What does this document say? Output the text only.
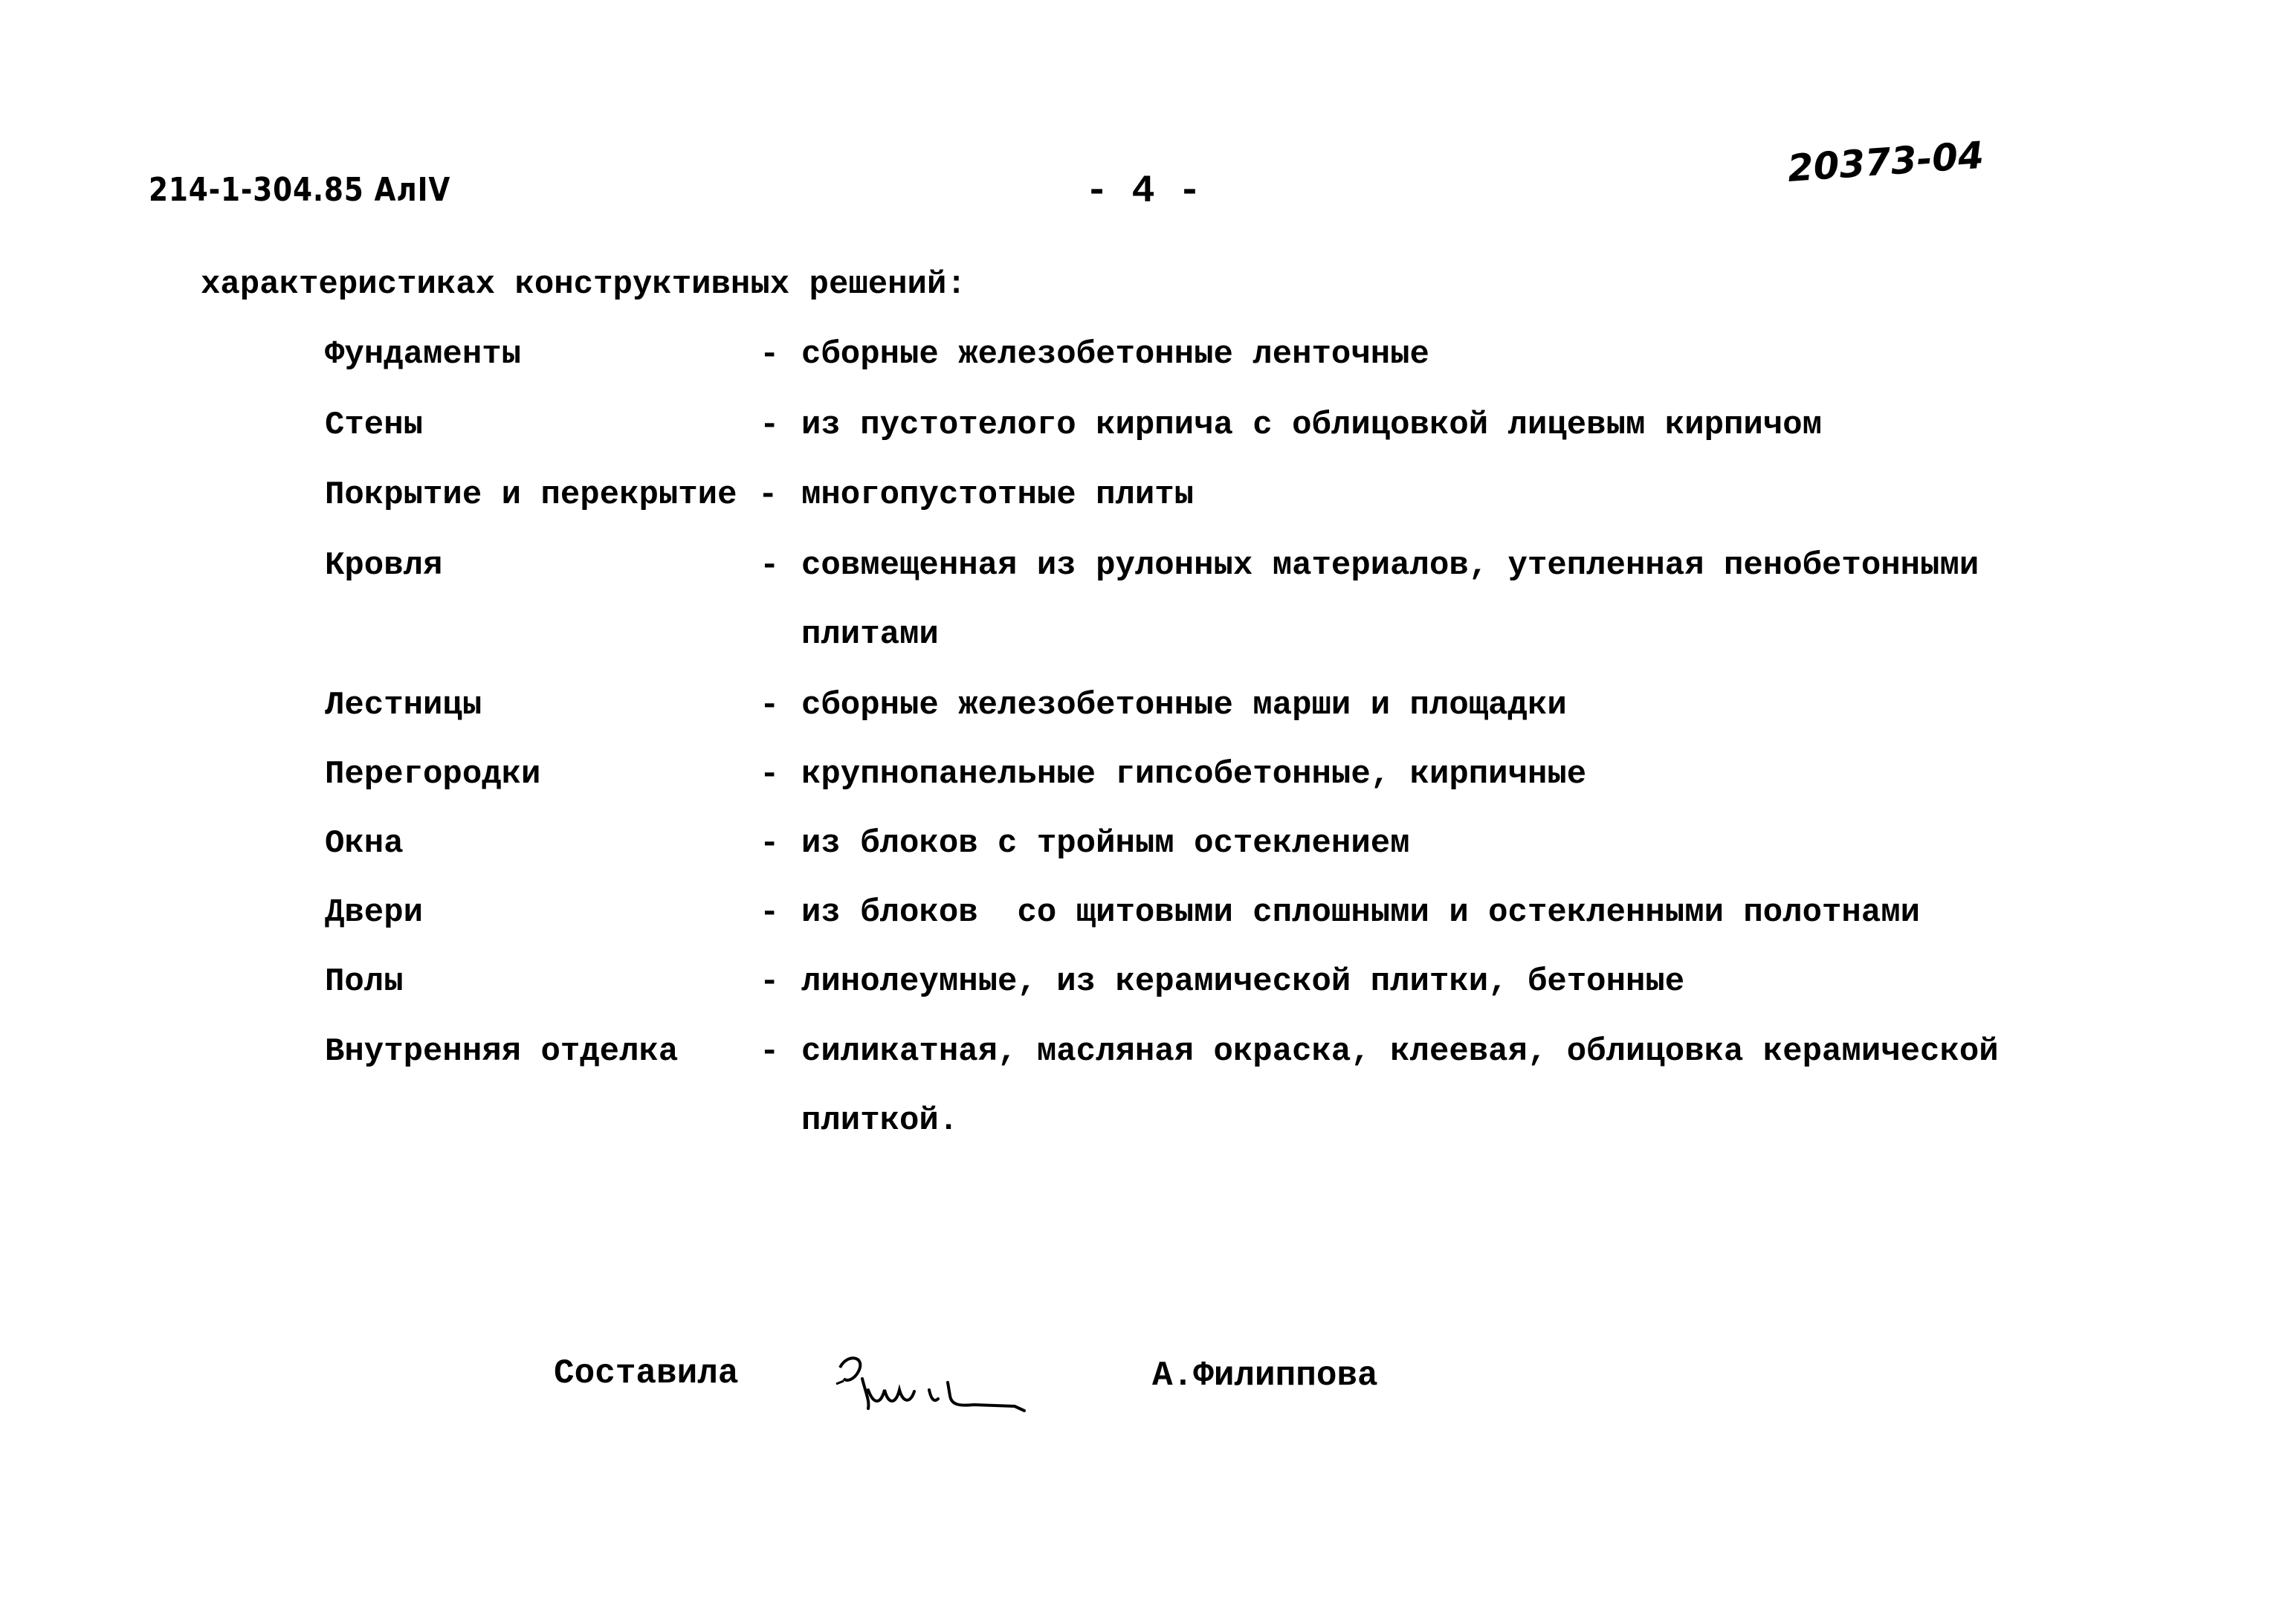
214-1-304.85 АлIV	- 4 -
20373-04
характеристиках конструктивных решений:
Фундаменты	- сборные железобетонные ленточные
Стены	- из пустотелого кирпича с облицовкой лицевым кирпичом
Покрытие и перекрытие - многопустотные плиты
Кровля	- совмещенная из рулонных материалов, утепленная пенобетонными
плитами
Лестницы	- сборные железобетонные марши и площадки
Перегородки	- крупнопанельные гипсобетонные, кирпичные
Окна	- из блоков с тройным остеклением
Двери	- из блоков  со щитовыми сплошными и остекленными полотнами
Полы	- линолеумные, из керамической плитки, бетонные
Внутренняя отделка - силикатная, масляная окраска, клеевая, облицовка керамической
плиткой.
Составила	А.Филиппова
